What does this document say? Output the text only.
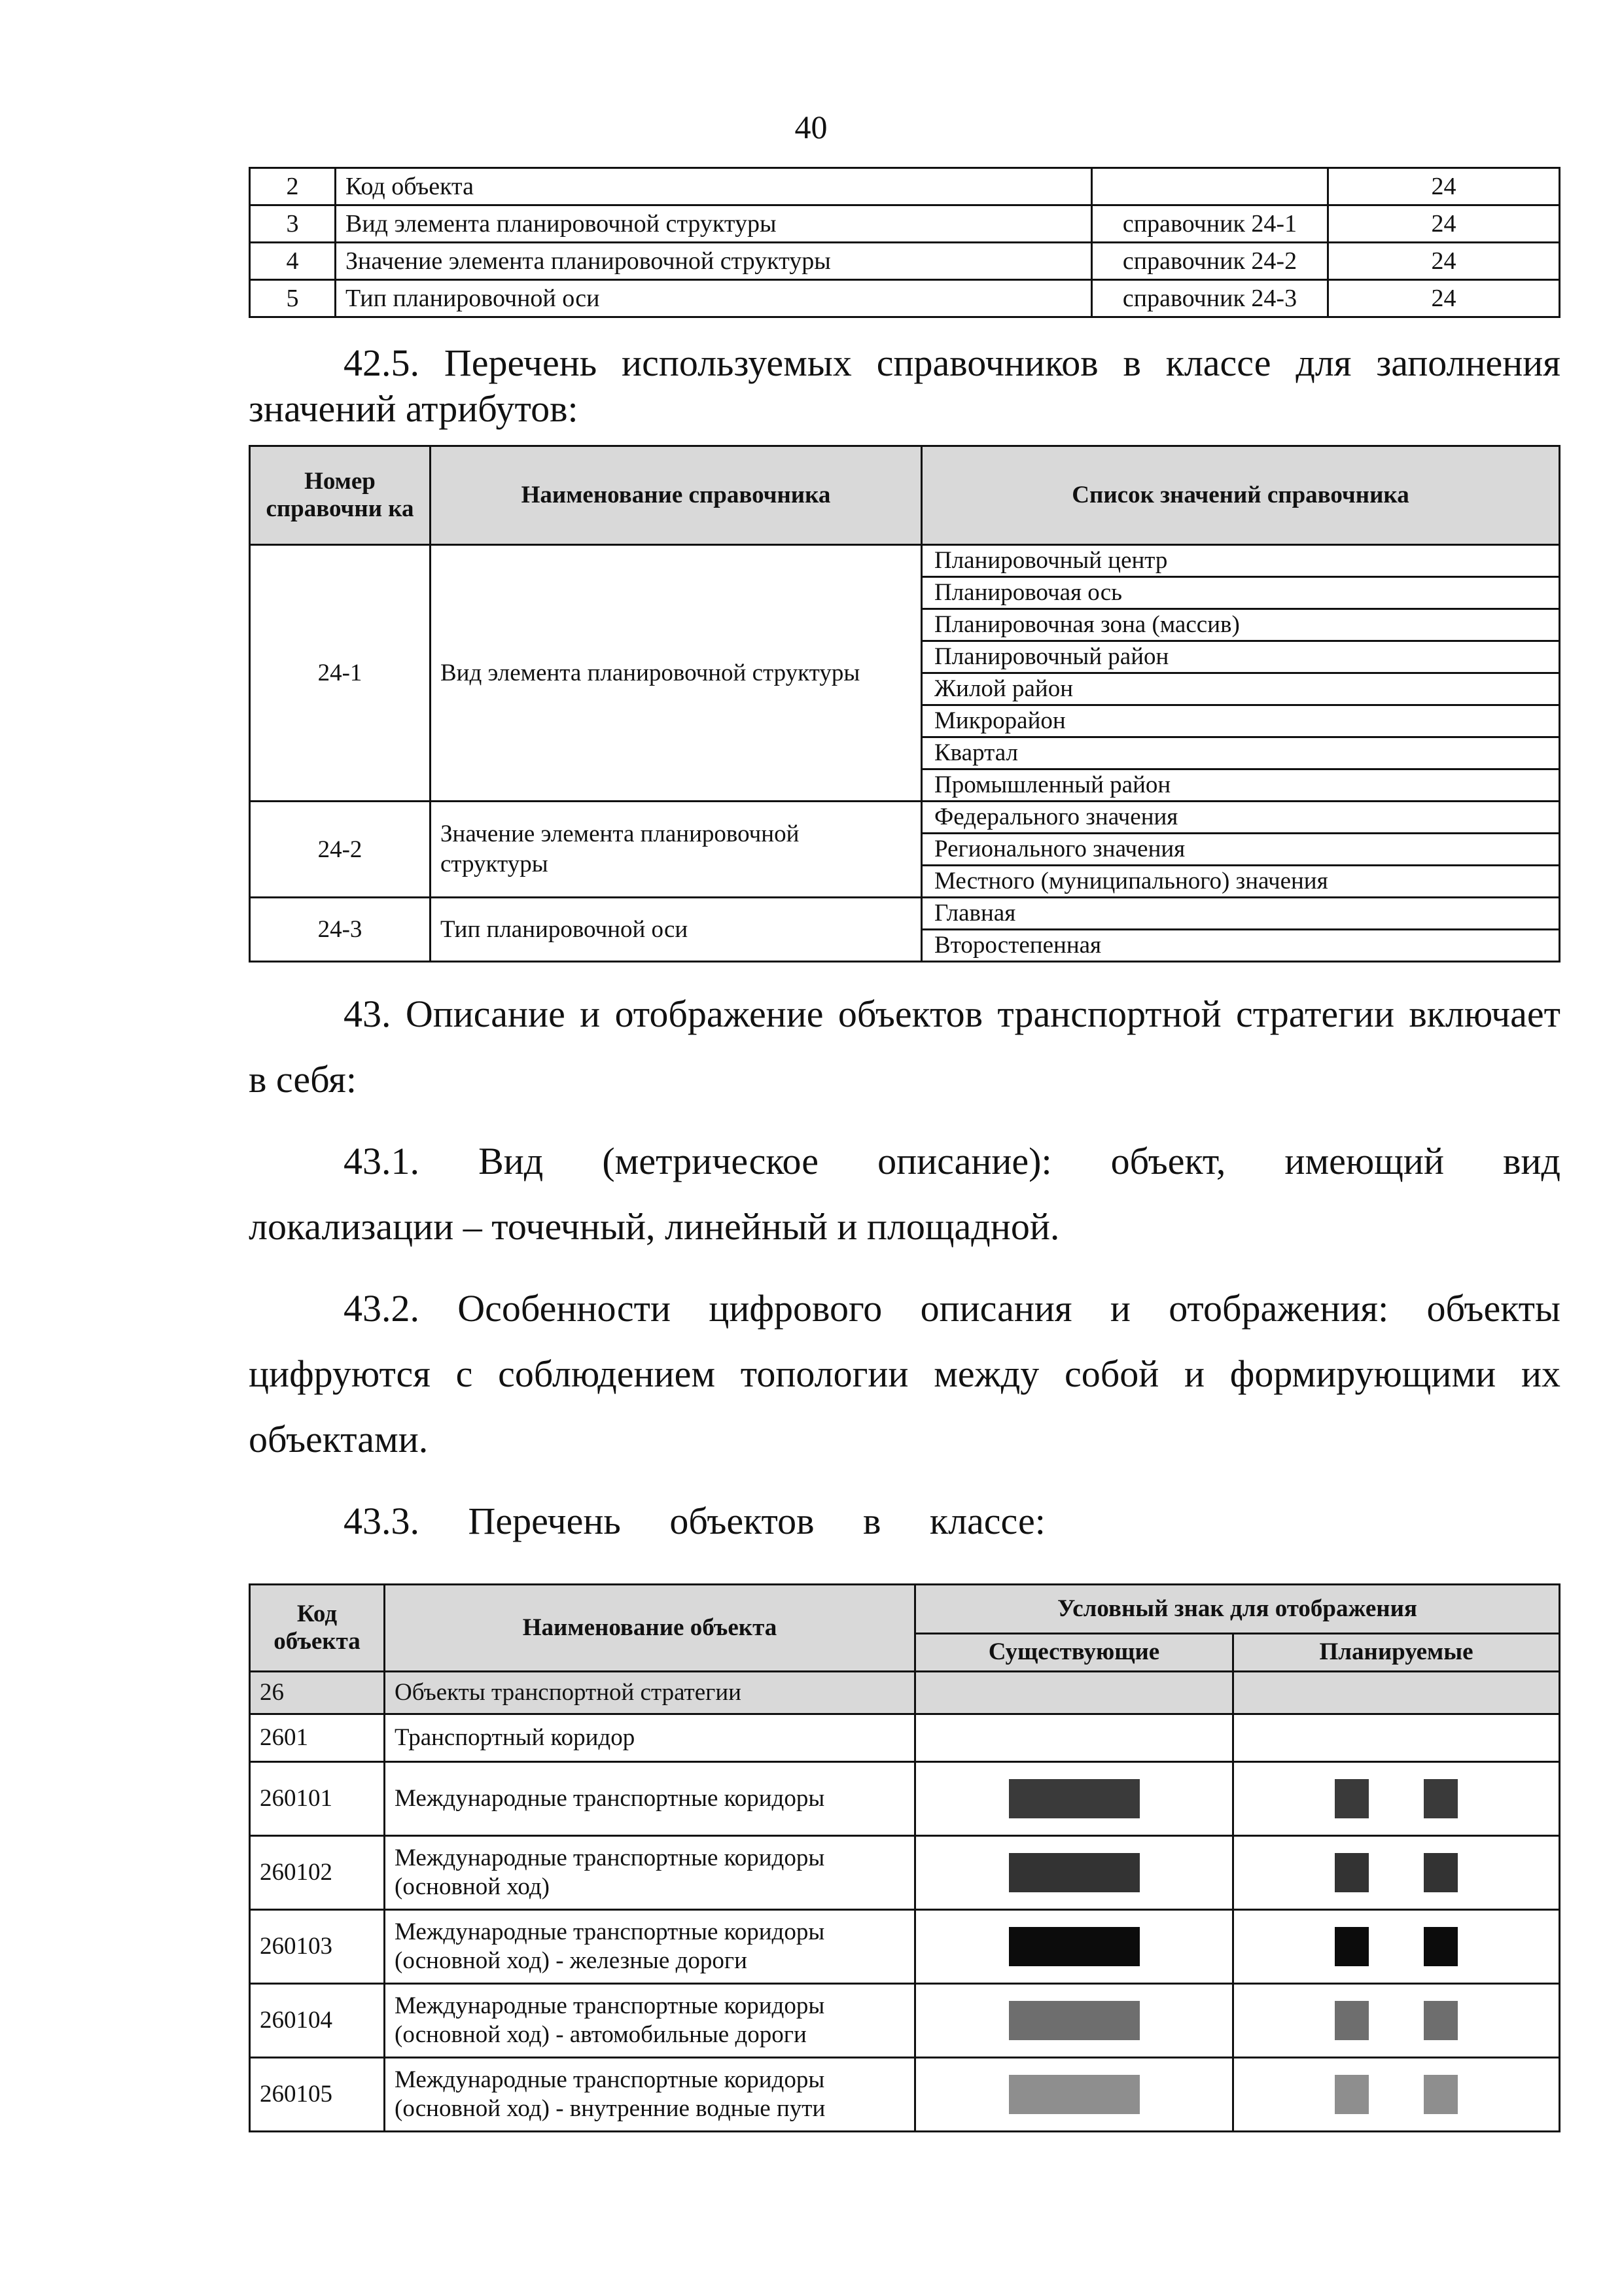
40
2	Код объекта		24
3	Вид элемента планировочной структуры	справочник 24-1	24
4	Значение элемента планировочной структуры	справочник 24-2	24
5	Тип планировочной оси	справочник 24-3	24
42.5. Перечень используемых справочников в классе для заполнения
значений атрибутов:
Номер справочни ка	Наименование справочника	Список значений справочника
24-1	Вид элемента планировочной структуры	Планировочный центр
		Планировочая ось
		Планировочная зона (массив)
		Планировочный район
		Жилой район
		Микрорайон
		Квартал
		Промышленный район
24-2	Значение элемента планировочной структуры	Федерального значения
		Регионального значения
		Местного (муниципального) значения
24-3	Тип планировочной оси	Главная
		Второстепенная
43. Описание и отображение объектов транспортной стратегии включает
в себя:
43.1. Вид (метрическое описание): объект, имеющий вид
локализации – точечный, линейный и площадной.
43.2. Особенности цифрового описания и отображения: объекты
цифруются с соблюдением топологии между собой и формирующими их
объектами.
43.3. Перечень объектов в классе:
Код объекта	Наименование объекта	Условный знак для отображения	
		Существующие	Планируемые
26	Объекты транспортной стратегии		
2601	Транспортный коридор		
260101	Международные транспортные коридоры		
260102	Международные транспортные коридоры (основной ход)		
260103	Международные транспортные коридоры (основной ход) - железные дороги		
260104	Международные транспортные коридоры (основной ход) - автомобильные дороги		
260105	Международные транспортные коридоры (основной ход) - внутренние водные пути		
